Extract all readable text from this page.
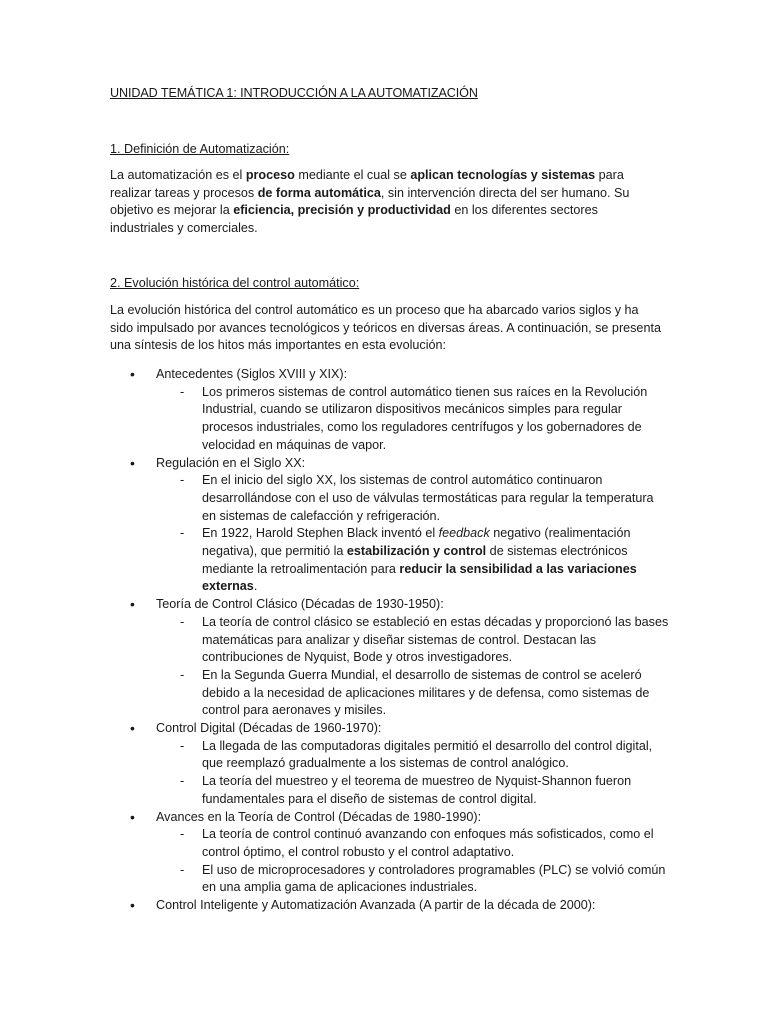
UNIDAD TEMÁTICA 1: INTRODUCCIÓN A LA AUTOMATIZACIÓN
1. Definición de Automatización:

La automatización es el proceso mediante el cual se aplican tecnologías y sistemas para realizar tareas y procesos de forma automática, sin intervención directa del ser humano. Su objetivo es mejorar la eficiencia, precisión y productividad en los diferentes sectores industriales y comerciales.

2. Evolución histórica del control automático:

La evolución histórica del control automático es un proceso que ha abarcado varios siglos y ha sido impulsado por avances tecnológicos y teóricos en diversas áreas. A continuación, se presenta una síntesis de los hitos más importantes en esta evolución:

• Antecedentes (Siglos XVIII y XIX):
- Los primeros sistemas de control automático tienen sus raíces en la Revolución Industrial, cuando se utilizaron dispositivos mecánicos simples para regular procesos industriales, como los reguladores centrífugos y los gobernadores de velocidad en máquinas de vapor.
• Regulación en el Siglo XX:
- En el inicio del siglo XX, los sistemas de control automático continuaron desarrollándose con el uso de válvulas termostáticas para regular la temperatura en sistemas de calefacción y refrigeración.
- En 1922, Harold Stephen Black inventó el feedback negativo (realimentación negativa), que permitió la estabilización y control de sistemas electrónicos mediante la retroalimentación para reducir la sensibilidad a las variaciones externas.
• Teoría de Control Clásico (Décadas de 1930-1950):
- La teoría de control clásico se estableció en estas décadas y proporcionó las bases matemáticas para analizar y diseñar sistemas de control. Destacan las contribuciones de Nyquist, Bode y otros investigadores.
- En la Segunda Guerra Mundial, el desarrollo de sistemas de control se aceleró debido a la necesidad de aplicaciones militares y de defensa, como sistemas de control para aeronaves y misiles.
• Control Digital (Décadas de 1960-1970):
- La llegada de las computadoras digitales permitió el desarrollo del control digital, que reemplazó gradualmente a los sistemas de control analógico.
- La teoría del muestreo y el teorema de muestreo de Nyquist-Shannon fueron fundamentales para el diseño de sistemas de control digital.
• Avances en la Teoría de Control (Décadas de 1980-1990):
- La teoría de control continuó avanzando con enfoques más sofisticados, como el control óptimo, el control robusto y el control adaptativo.
- El uso de microprocesadores y controladores programables (PLC) se volvió común en una amplia gama de aplicaciones industriales.
• Control Inteligente y Automatización Avanzada (A partir de la década de 2000):
